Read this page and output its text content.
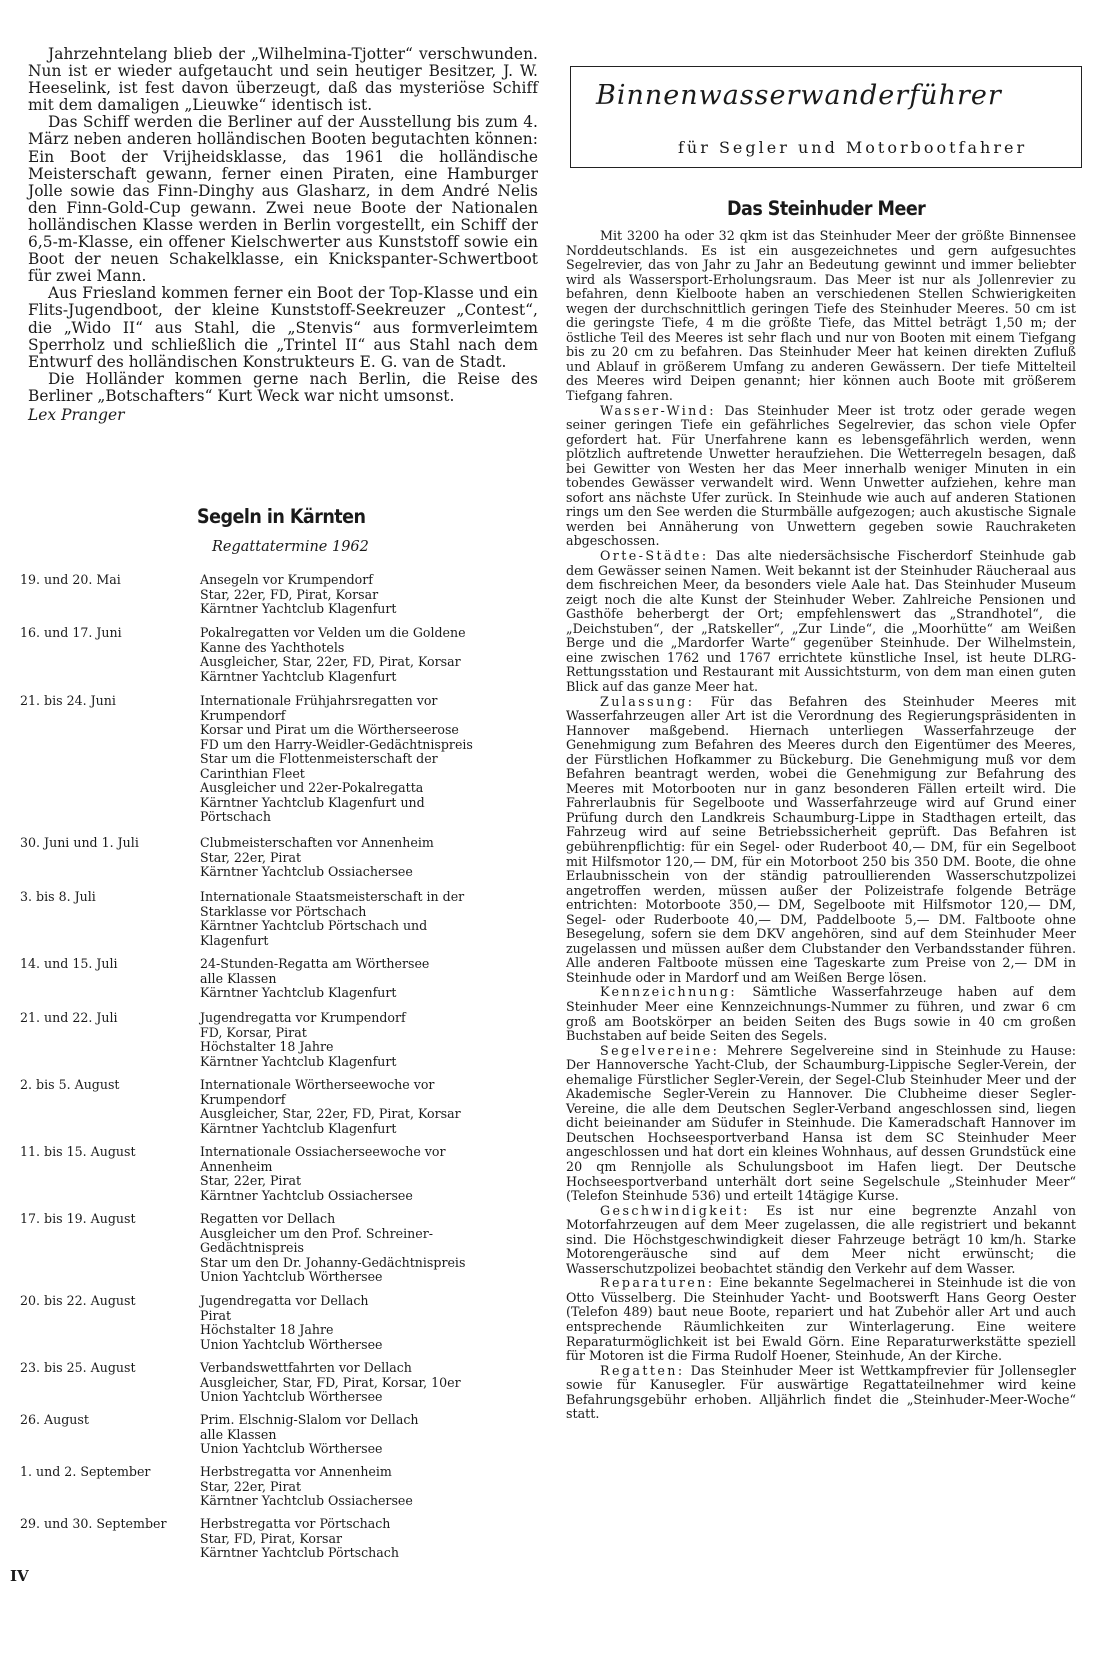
Jahrzehntelang blieb der „Wilhelmina-Tjotter“ verschwunden. Nun ist er wieder aufgetaucht und sein heutiger Besitzer, J. W. Heeselink, ist fest davon überzeugt, daß das mysteriöse Schiff mit dem damaligen „Lieuwke“ identisch ist.

Das Schiff werden die Berliner auf der Ausstellung bis zum 4. März neben anderen holländischen Booten begutachten können: Ein Boot der Vrijheidsklasse, das 1961 die holländische Meisterschaft gewann, ferner einen Piraten, eine Hamburger Jolle sowie das Finn-Dinghy aus Glasharz, in dem André Nelis den Finn-Gold-Cup gewann. Zwei neue Boote der Nationalen holländischen Klasse werden in Berlin vorgestellt, ein Schiff der 6,5-m-Klasse, ein offener Kielschwerter aus Kunststoff sowie ein Boot der neuen Schakelklasse, ein Knickspanter-Schwertboot für zwei Mann.

Aus Friesland kommen ferner ein Boot der Top-Klasse und ein Flits-Jugendboot, der kleine Kunststoff-Seekreuzer „Contest“, die „Wido II“ aus Stahl, die „Stenvis“ aus formverleimtem Sperrholz und schließlich die „Trintel II“ aus Stahl nach dem Entwurf des holländischen Konstrukteurs E. G. van de Stadt.

Die Holländer kommen gerne nach Berlin, die Reise des Berliner „Botschafters“ Kurt Weck war nicht umsonst.

Lex Pranger

Segeln in Kärnten
Regattatermine 1962
19. und 20. Mai	Ansegeln vor Krumpendorf
Star, 22er, FD, Pirat, Korsar
Kärntner Yachtclub Klagenfurt
16. und 17. Juni	Pokalregatten vor Velden um die Goldene
Kanne des Yachthotels
Ausgleicher, Star, 22er, FD, Pirat, Korsar
Kärntner Yachtclub Klagenfurt
21. bis 24. Juni	Internationale Frühjahrsregatten vor
Krumpendorf
Korsar und Pirat um die Wörtherseerose
FD um den Harry-Weidler-Gedächtnispreis
Star um die Flottenmeisterschaft der
Carinthian Fleet
Ausgleicher und 22er-Pokalregatta
Kärntner Yachtclub Klagenfurt und
Pörtschach
30. Juni und 1. Juli	Clubmeisterschaften vor Annenheim
Star, 22er, Pirat
Kärntner Yachtclub Ossiachersee
3. bis 8. Juli	Internationale Staatsmeisterschaft in der
Starklasse vor Pörtschach
Kärntner Yachtclub Pörtschach und
Klagenfurt
14. und 15. Juli	24-Stunden-Regatta am Wörthersee
alle Klassen
Kärntner Yachtclub Klagenfurt
21. und 22. Juli	Jugendregatta vor Krumpendorf
FD, Korsar, Pirat
Höchstalter 18 Jahre
Kärntner Yachtclub Klagenfurt
2. bis 5. August	Internationale Wörtherseewoche vor
Krumpendorf
Ausgleicher, Star, 22er, FD, Pirat, Korsar
Kärntner Yachtclub Klagenfurt
11. bis 15. August	Internationale Ossiacherseewoche vor
Annenheim
Star, 22er, Pirat
Kärntner Yachtclub Ossiachersee
17. bis 19. August	Regatten vor Dellach
Ausgleicher um den Prof. Schreiner-
Gedächtnispreis
Star um den Dr. Johanny-Gedächtnispreis
Union Yachtclub Wörthersee
20. bis 22. August	Jugendregatta vor Dellach
Pirat
Höchstalter 18 Jahre
Union Yachtclub Wörthersee
23. bis 25. August	Verbandswettfahrten vor Dellach
Ausgleicher, Star, FD, Pirat, Korsar, 10er
Union Yachtclub Wörthersee
26. August	Prim. Elschnig-Slalom vor Dellach
alle Klassen
Union Yachtclub Wörthersee
1. und 2. September	Herbstregatta vor Annenheim
Star, 22er, Pirat
Kärntner Yachtclub Ossiachersee
29. und 30. September	Herbstregatta vor Pörtschach
Star, FD, Pirat, Korsar
Kärntner Yachtclub Pörtschach
IV
Binnenwasserwanderführer
für Segler und Motorbootfahrer
Das Steinhuder Meer

Mit 3200 ha oder 32 qkm ist das Steinhuder Meer der größte Binnensee Norddeutschlands. Es ist ein ausgezeichnetes und gern aufgesuchtes Segelrevier, das von Jahr zu Jahr an Bedeutung gewinnt und immer beliebter wird als Wassersport-Erholungsraum. Das Meer ist nur als Jollenrevier zu befahren, denn Kielboote haben an verschiedenen Stellen Schwierigkeiten wegen der durchschnittlich geringen Tiefe des Steinhuder Meeres. 50 cm ist die geringste Tiefe, 4 m die größte Tiefe, das Mittel beträgt 1,50 m; der östliche Teil des Meeres ist sehr flach und nur von Booten mit einem Tiefgang bis zu 20 cm zu befahren. Das Steinhuder Meer hat keinen direkten Zufluß und Ablauf in größerem Umfang zu anderen Gewässern. Der tiefe Mittelteil des Meeres wird Deipen genannt; hier können auch Boote mit größerem Tiefgang fahren.

Wasser-Wind: Das Steinhuder Meer ist trotz oder gerade wegen seiner geringen Tiefe ein gefährliches Segelrevier, das schon viele Opfer gefordert hat. Für Unerfahrene kann es lebensgefährlich werden, wenn plötzlich auftretende Unwetter heraufziehen. Die Wetterregeln besagen, daß bei Gewitter von Westen her das Meer innerhalb weniger Minuten in ein tobendes Gewässer verwandelt wird. Wenn Unwetter aufziehen, kehre man sofort ans nächste Ufer zurück. In Steinhude wie auch auf anderen Stationen rings um den See werden die Sturmbälle aufgezogen; auch akustische Signale werden bei Annäherung von Unwettern gegeben sowie Rauchraketen abgeschossen.

Orte-Städte: Das alte niedersächsische Fischerdorf Steinhude gab dem Gewässer seinen Namen. Weit bekannt ist der Steinhuder Räucheraal aus dem fischreichen Meer, da besonders viele Aale hat. Das Steinhuder Museum zeigt noch die alte Kunst der Steinhuder Weber. Zahlreiche Pensionen und Gasthöfe beherbergt der Ort; empfehlenswert das „Strandhotel“, die „Deichstuben“, der „Ratskeller“, „Zur Linde“, die „Moorhütte“ am Weißen Berge und die „Mardorfer Warte“ gegenüber Steinhude. Der Wilhelmstein, eine zwischen 1762 und 1767 errichtete künstliche Insel, ist heute DLRG-Rettungsstation und Restaurant mit Aussichtsturm, von dem man einen guten Blick auf das ganze Meer hat.

Zulassung: Für das Befahren des Steinhuder Meeres mit Wasserfahrzeugen aller Art ist die Verordnung des Regierungspräsidenten in Hannover maßgebend. Hiernach unterliegen Wasserfahrzeuge der Genehmigung zum Befahren des Meeres durch den Eigentümer des Meeres, der Fürstlichen Hofkammer zu Bückeburg. Die Genehmigung muß vor dem Befahren beantragt werden, wobei die Genehmigung zur Befahrung des Meeres mit Motorbooten nur in ganz besonderen Fällen erteilt wird. Die Fahrerlaubnis für Segelboote und Wasserfahrzeuge wird auf Grund einer Prüfung durch den Landkreis Schaumburg-Lippe in Stadthagen erteilt, das Fahrzeug wird auf seine Betriebssicherheit geprüft. Das Befahren ist gebührenpflichtig: für ein Segel- oder Ruderboot 40,— DM, für ein Segelboot mit Hilfsmotor 120,— DM, für ein Motorboot 250 bis 350 DM. Boote, die ohne Erlaubnisschein von der ständig patroullierenden Wasserschutzpolizei angetroffen werden, müssen außer der Polizeistrafe folgende Beträge entrichten: Motorboote 350,— DM, Segelboote mit Hilfsmotor 120,— DM, Segel- oder Ruderboote 40,— DM, Paddelboote 5,— DM. Faltboote ohne Besegelung, sofern sie dem DKV angehören, sind auf dem Steinhuder Meer zugelassen und müssen außer dem Clubstander den Verbandsstander führen. Alle anderen Faltboote müssen eine Tageskarte zum Preise von 2,— DM in Steinhude oder in Mardorf und am Weißen Berge lösen.

Kennzeichnung: Sämtliche Wasserfahrzeuge haben auf dem Steinhuder Meer eine Kennzeichnungs-Nummer zu führen, und zwar 6 cm groß am Bootskörper an beiden Seiten des Bugs sowie in 40 cm großen Buchstaben auf beide Seiten des Segels.

Segelvereine: Mehrere Segelvereine sind in Steinhude zu Hause: Der Hannoversche Yacht-Club, der Schaumburg-Lippische Segler-Verein, der ehemalige Fürstlicher Segler-Verein, der Segel-Club Steinhuder Meer und der Akademische Segler-Verein zu Hannover. Die Clubheime dieser Segler-Vereine, die alle dem Deutschen Segler-Verband angeschlossen sind, liegen dicht beieinander am Südufer in Steinhude. Die Kameradschaft Hannover im Deutschen Hochseesportverband Hansa ist dem SC Steinhuder Meer angeschlossen und hat dort ein kleines Wohnhaus, auf dessen Grundstück eine 20 qm Rennjolle als Schulungsboot im Hafen liegt. Der Deutsche Hochseesportverband unterhält dort seine Segelschule „Steinhuder Meer“ (Telefon Steinhude 536) und erteilt 14tägige Kurse.

Geschwindigkeit: Es ist nur eine begrenzte Anzahl von Motorfahrzeugen auf dem Meer zugelassen, die alle registriert und bekannt sind. Die Höchstgeschwindigkeit dieser Fahrzeuge beträgt 10 km/h. Starke Motorengeräusche sind auf dem Meer nicht erwünscht; die Wasserschutzpolizei beobachtet ständig den Verkehr auf dem Wasser.

Reparaturen: Eine bekannte Segelmacherei in Steinhude ist die von Otto Vüsselberg. Die Steinhuder Yacht- und Bootswerft Hans Georg Oester (Telefon 489) baut neue Boote, repariert und hat Zubehör aller Art und auch entsprechende Räumlichkeiten zur Winterlagerung. Eine weitere Reparaturmöglichkeit ist bei Ewald Görn. Eine Reparaturwerkstätte speziell für Motoren ist die Firma Rudolf Hoener, Steinhude, An der Kirche.

Regatten: Das Steinhuder Meer ist Wettkampfrevier für Jollensegler sowie für Kanusegler. Für auswärtige Regattateilnehmer wird keine Befahrungsgebühr erhoben. Alljährlich findet die „Steinhuder-Meer-Woche“ statt.
